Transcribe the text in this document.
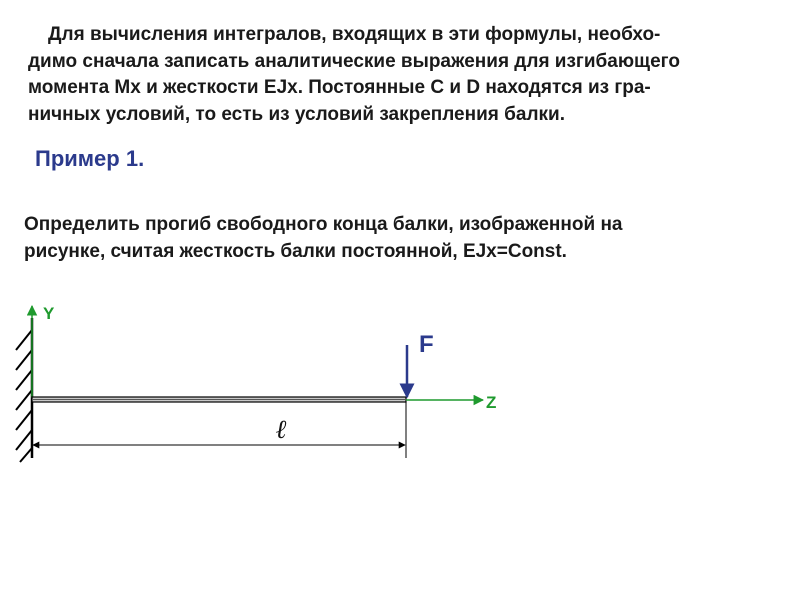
Для вычисления интегралов, входящих в эти формулы, необхо-
димо сначала записать аналитические выражения для изгибающего
момента Мх и жесткости EJx. Постоянные C и D находятся из гра-
ничных условий, то есть из условий закрепления балки.

Пример 1.

Определить прогиб свободного конца балки, изображенной на
рисунке, считая жесткость балки постоянной, EJx=Const.

Y
Z
F
ℓ
